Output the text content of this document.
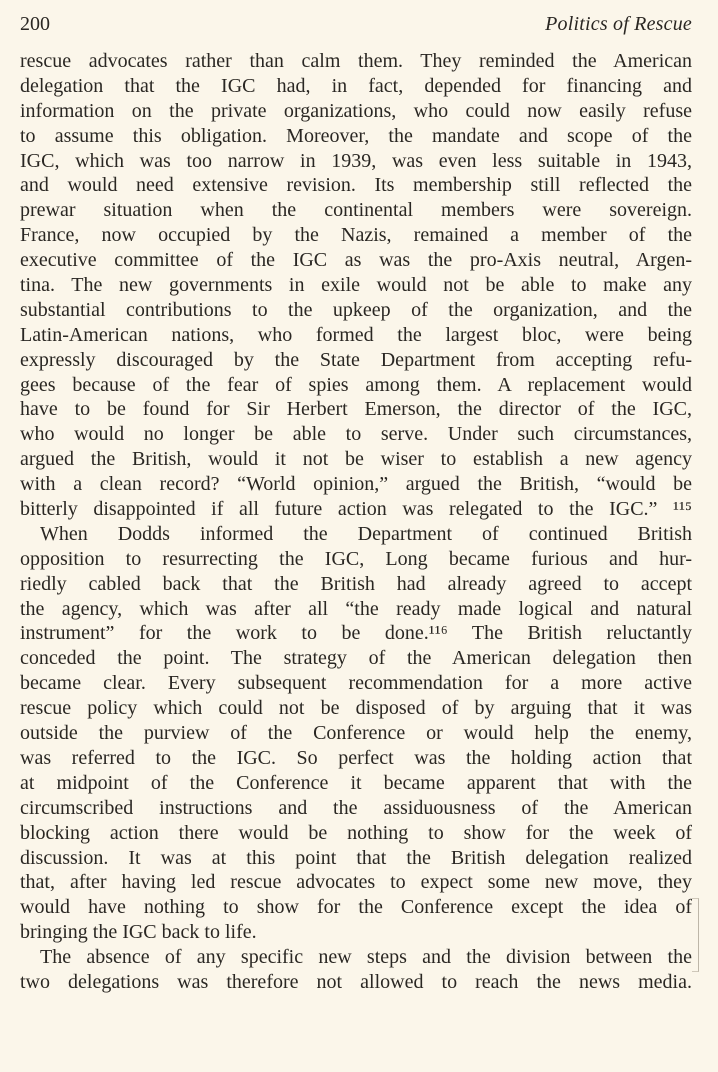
200	Politics of Rescue
rescue advocates rather than calm them. They reminded the American
delegation that the IGC had, in fact, depended for financing and
information on the private organizations, who could now easily refuse
to assume this obligation. Moreover, the mandate and scope of the
IGC, which was too narrow in 1939, was even less suitable in 1943,
and would need extensive revision. Its membership still reflected the
prewar situation when the continental members were sovereign.
France, now occupied by the Nazis, remained a member of the
executive committee of the IGC as was the pro-Axis neutral, Argen-
tina. The new governments in exile would not be able to make any
substantial contributions to the upkeep of the organization, and the
Latin-American nations, who formed the largest bloc, were being
expressly discouraged by the State Department from accepting refu-
gees because of the fear of spies among them. A replacement would
have to be found for Sir Herbert Emerson, the director of the IGC,
who would no longer be able to serve. Under such circumstances,
argued the British, would it not be wiser to establish a new agency
with a clean record? “World opinion,” argued the British, “would be
bitterly disappointed if all future action was relegated to the IGC.” ¹¹⁵
When Dodds informed the Department of continued British
opposition to resurrecting the IGC, Long became furious and hur-
riedly cabled back that the British had already agreed to accept
the agency, which was after all “the ready made logical and natural
instrument” for the work to be done.¹¹⁶ The British reluctantly
conceded the point. The strategy of the American delegation then
became clear. Every subsequent recommendation for a more active
rescue policy which could not be disposed of by arguing that it was
outside the purview of the Conference or would help the enemy,
was referred to the IGC. So perfect was the holding action that
at midpoint of the Conference it became apparent that with the
circumscribed instructions and the assiduousness of the American
blocking action there would be nothing to show for the week of
discussion. It was at this point that the British delegation realized
that, after having led rescue advocates to expect some new move, they
would have nothing to show for the Conference except the idea of
bringing the IGC back to life.
The absence of any specific new steps and the division between the
two delegations was therefore not allowed to reach the news media.
